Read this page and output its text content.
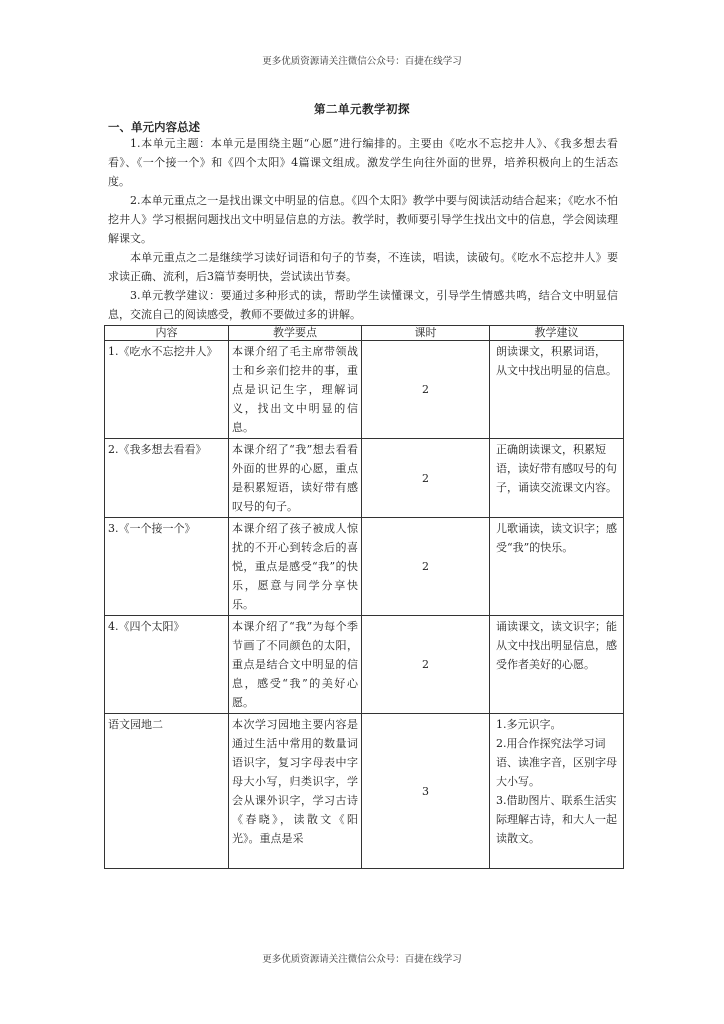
更多优质资源请关注微信公众号：百捷在线学习
第二单元教学初探
一、单元内容总述

1.本单元主题：本单元是围绕主题“心愿”进行编排的。主要由《吃水不忘挖井人》、《我多想去看看》、《一个接一个》和《四个太阳》4篇课文组成。激发学生向往外面的世界，培养积极向上的生活态度。

2.本单元重点之一是找出课文中明显的信息。《四个太阳》教学中要与阅读活动结合起来；《吃水不怕挖井人》学习根据问题找出文中明显信息的方法。教学时，教师要引导学生找出文中的信息，学会阅读理解课文。

本单元重点之二是继续学习读好词语和句子的节奏，不连读，唱读，读破句。《吃水不忘挖井人》要求读正确、流利，后3篇节奏明快，尝试读出节奏。

3.单元教学建议：要通过多种形式的读，帮助学生读懂课文，引导学生情感共鸣，结合文中明显信息，交流自己的阅读感受，教师不要做过多的讲解。

内容	教学要点	课时	教学建议
1.《吃水不忘挖井人》	本课介绍了毛主席带领战士和乡亲们挖井的事，重点是识记生字，理解词义，找出文中明显的信息。	2	朗读课文，积累词语，
从文中找出明显的信息。
2.《我多想去看看》	本课介绍了“我”想去看看外面的世界的心愿，重点是积累短语，读好带有感叹号的句子。	2	正确朗读课文，积累短语，读好带有感叹号的句子，诵读交流课文内容。
3.《一个接一个》	本课介绍了孩子被成人惊扰的不开心到转念后的喜悦，重点是感受“我”的快乐，愿意与同学分享快乐。	2	儿歌诵读，读文识字；感受“我”的快乐。
4.《四个太阳》	本课介绍了“我”为每个季节画了不同颜色的太阳，重点是结合文中明显的信息，感受“我”的美好心愿。	2	诵读课文，读文识字；能从文中找出明显信息，感受作者美好的心愿。
语文园地二	本次学习园地主要内容是通过生活中常用的数量词语识字，复习字母表中字母大小写，归类识字，学会从课外识字，学习古诗《春晓》，读散文《阳光》。重点是采	3	1.多元识字。
2.用合作探究法学习词语、读准字音，区别字母大小写。
3.借助图片、联系生活实际理解古诗，和大人一起读散文。
更多优质资源请关注微信公众号：百捷在线学习
